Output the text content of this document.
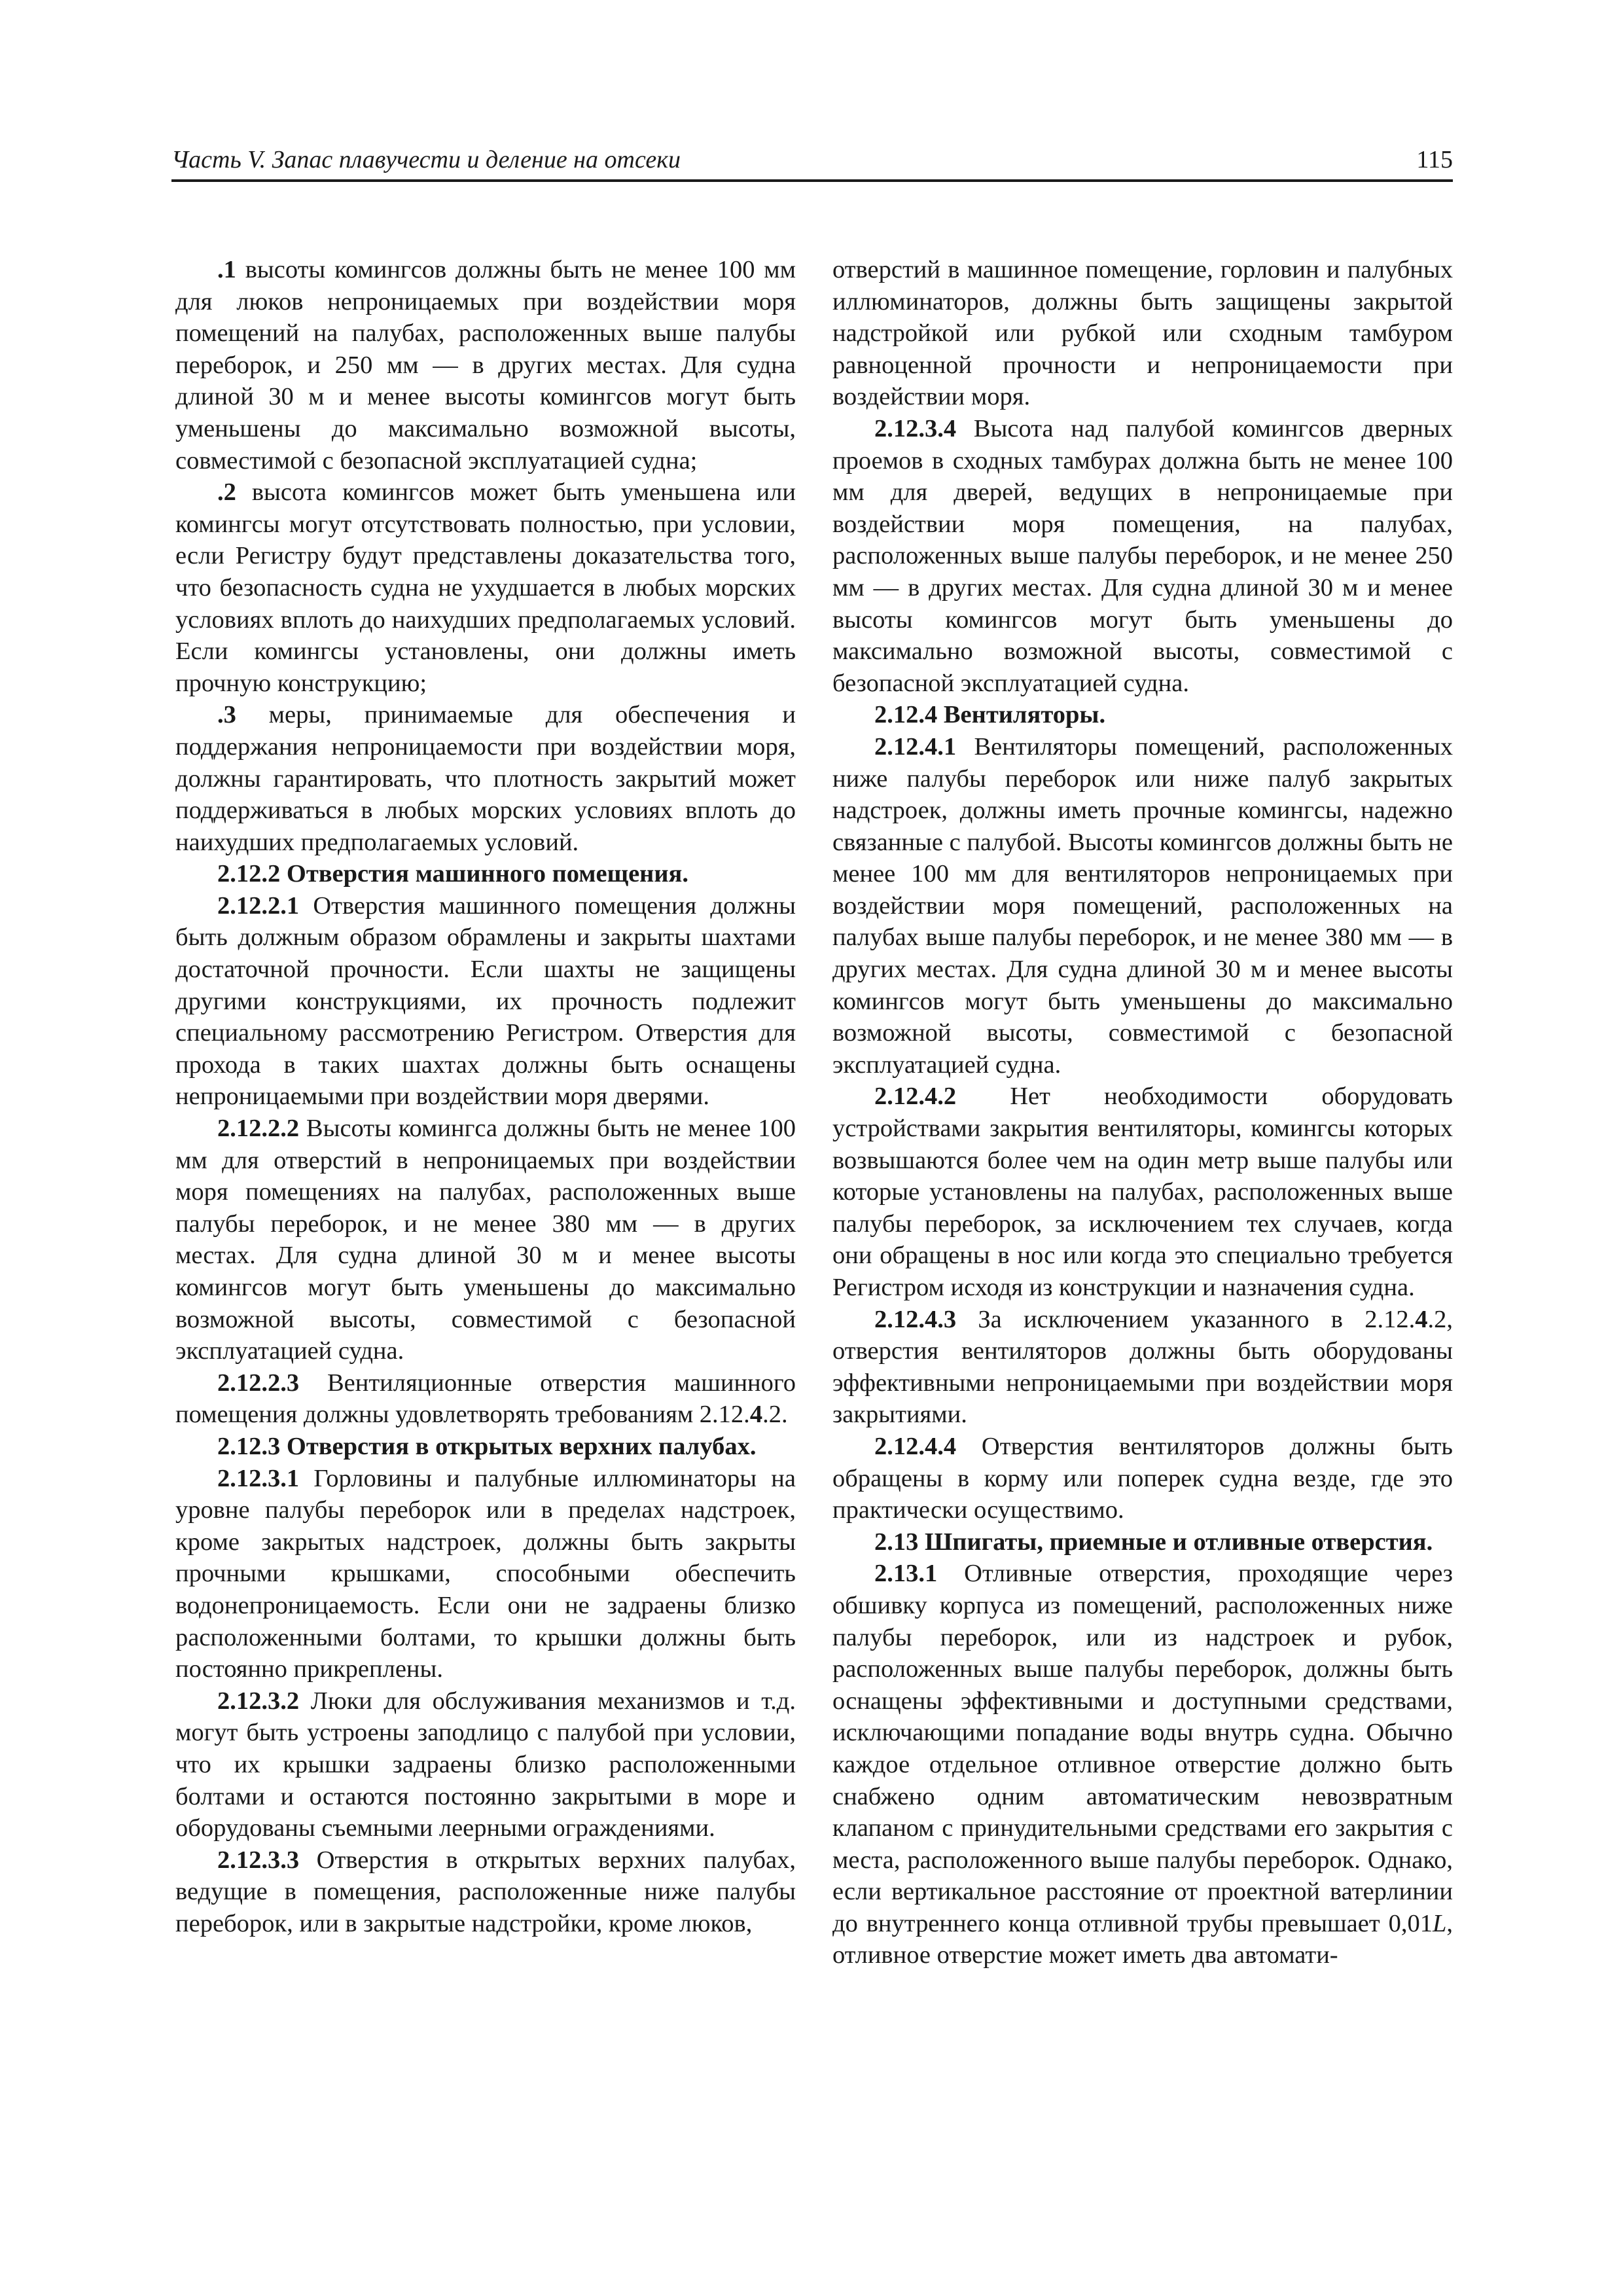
Часть V. Запас плавучести и деление на отсеки	115

.1 высоты комингсов должны быть не менее 100 мм для люков непроницаемых при воздействии моря помещений на палубах, расположенных выше палубы переборок, и 250 мм — в других местах. Для судна длиной 30 м и менее высоты комингсов могут быть уменьшены до максимально возможной высоты, совместимой с безопасной эксплуатацией судна;

.2 высота комингсов может быть уменьшена или комингсы могут отсутствовать полностью, при условии, если Регистру будут представлены доказательства того, что безопасность судна не ухудшается в любых морских условиях вплоть до наихудших предполагаемых условий. Если комингсы установлены, они должны иметь прочную конструкцию;

.3 меры, принимаемые для обеспечения и поддержания непроницаемости при воздействии моря, должны гарантировать, что плотность закрытий может поддерживаться в любых морских условиях вплоть до наихудших предполагаемых условий.

2.12.2 Отверстия машинного помещения.

2.12.2.1 Отверстия машинного помещения должны быть должным образом обрамлены и закрыты шахтами достаточной прочности. Если шахты не защищены другими конструкциями, их прочность подлежит специальному рассмотрению Регистром. Отверстия для прохода в таких шахтах должны быть оснащены непроницаемыми при воздействии моря дверями.

2.12.2.2 Высоты комингса должны быть не менее 100 мм для отверстий в непроницаемых при воздействии моря помещениях на палубах, расположенных выше палубы переборок, и не менее 380 мм — в других местах. Для судна длиной 30 м и менее высоты комингсов могут быть уменьшены до максимально возможной высоты, совместимой с безопасной эксплуатацией судна.

2.12.2.3 Вентиляционные отверстия машинного помещения должны удовлетворять требованиям 2.12.4.2.

2.12.3 Отверстия в открытых верхних палубах.

2.12.3.1 Горловины и палубные иллюминаторы на уровне палубы переборок или в пределах надстроек, кроме закрытых надстроек, должны быть закрыты прочными крышками, способными обеспечить водонепроницаемость. Если они не задраены близко расположенными болтами, то крышки должны быть постоянно прикреплены.

2.12.3.2 Люки для обслуживания механизмов и т.д. могут быть устроены заподлицо с палубой при условии, что их крышки задраены близко расположенными болтами и остаются постоянно закрытыми в море и оборудованы съемными леерными ограждениями.

2.12.3.3 Отверстия в открытых верхних палубах, ведущие в помещения, расположенные ниже палубы переборок, или в закрытые надстройки, кроме люков,

отверстий в машинное помещение, горловин и палубных иллюминаторов, должны быть защищены закрытой надстройкой или рубкой или сходным тамбуром равноценной прочности и непроницаемости при воздействии моря.

2.12.3.4 Высота над палубой комингсов дверных проемов в сходных тамбурах должна быть не менее 100 мм для дверей, ведущих в непроницаемые при воздействии моря помещения, на палубах, расположенных выше палубы переборок, и не менее 250 мм — в других местах. Для судна длиной 30 м и менее высоты комингсов могут быть уменьшены до максимально возможной высоты, совместимой с безопасной эксплуатацией судна.

2.12.4 Вентиляторы.

2.12.4.1 Вентиляторы помещений, расположенных ниже палубы переборок или ниже палуб закрытых надстроек, должны иметь прочные комингсы, надежно связанные с палубой. Высоты комингсов должны быть не менее 100 мм для вентиляторов непроницаемых при воздействии моря помещений, расположенных на палубах выше палубы переборок, и не менее 380 мм — в других местах. Для судна длиной 30 м и менее высоты комингсов могут быть уменьшены до максимально возможной высоты, совместимой с безопасной эксплуатацией судна.

2.12.4.2 Нет необходимости оборудовать устройствами закрытия вентиляторы, комингсы которых возвышаются более чем на один метр выше палубы или которые установлены на палубах, расположенных выше палубы переборок, за исключением тех случаев, когда они обращены в нос или когда это специально требуется Регистром исходя из конструкции и назначения судна.

2.12.4.3 За исключением указанного в 2.12.4.2, отверстия вентиляторов должны быть оборудованы эффективными непроницаемыми при воздействии моря закрытиями.

2.12.4.4 Отверстия вентиляторов должны быть обращены в корму или поперек судна везде, где это практически осуществимо.

2.13 Шпигаты, приемные и отливные отверстия.

2.13.1 Отливные отверстия, проходящие через обшивку корпуса из помещений, расположенных ниже палубы переборок, или из надстроек и рубок, расположенных выше палубы переборок, должны быть оснащены эффективными и доступными средствами, исключающими попадание воды внутрь судна. Обычно каждое отдельное отливное отверстие должно быть снабжено одним автоматическим невозвратным клапаном с принудительными средствами его закрытия с места, расположенного выше палубы переборок. Однако, если вертикальное расстояние от проектной ватерлинии до внутреннего конца отливной трубы превышает 0,01L, отливное отверстие может иметь два автомати-
